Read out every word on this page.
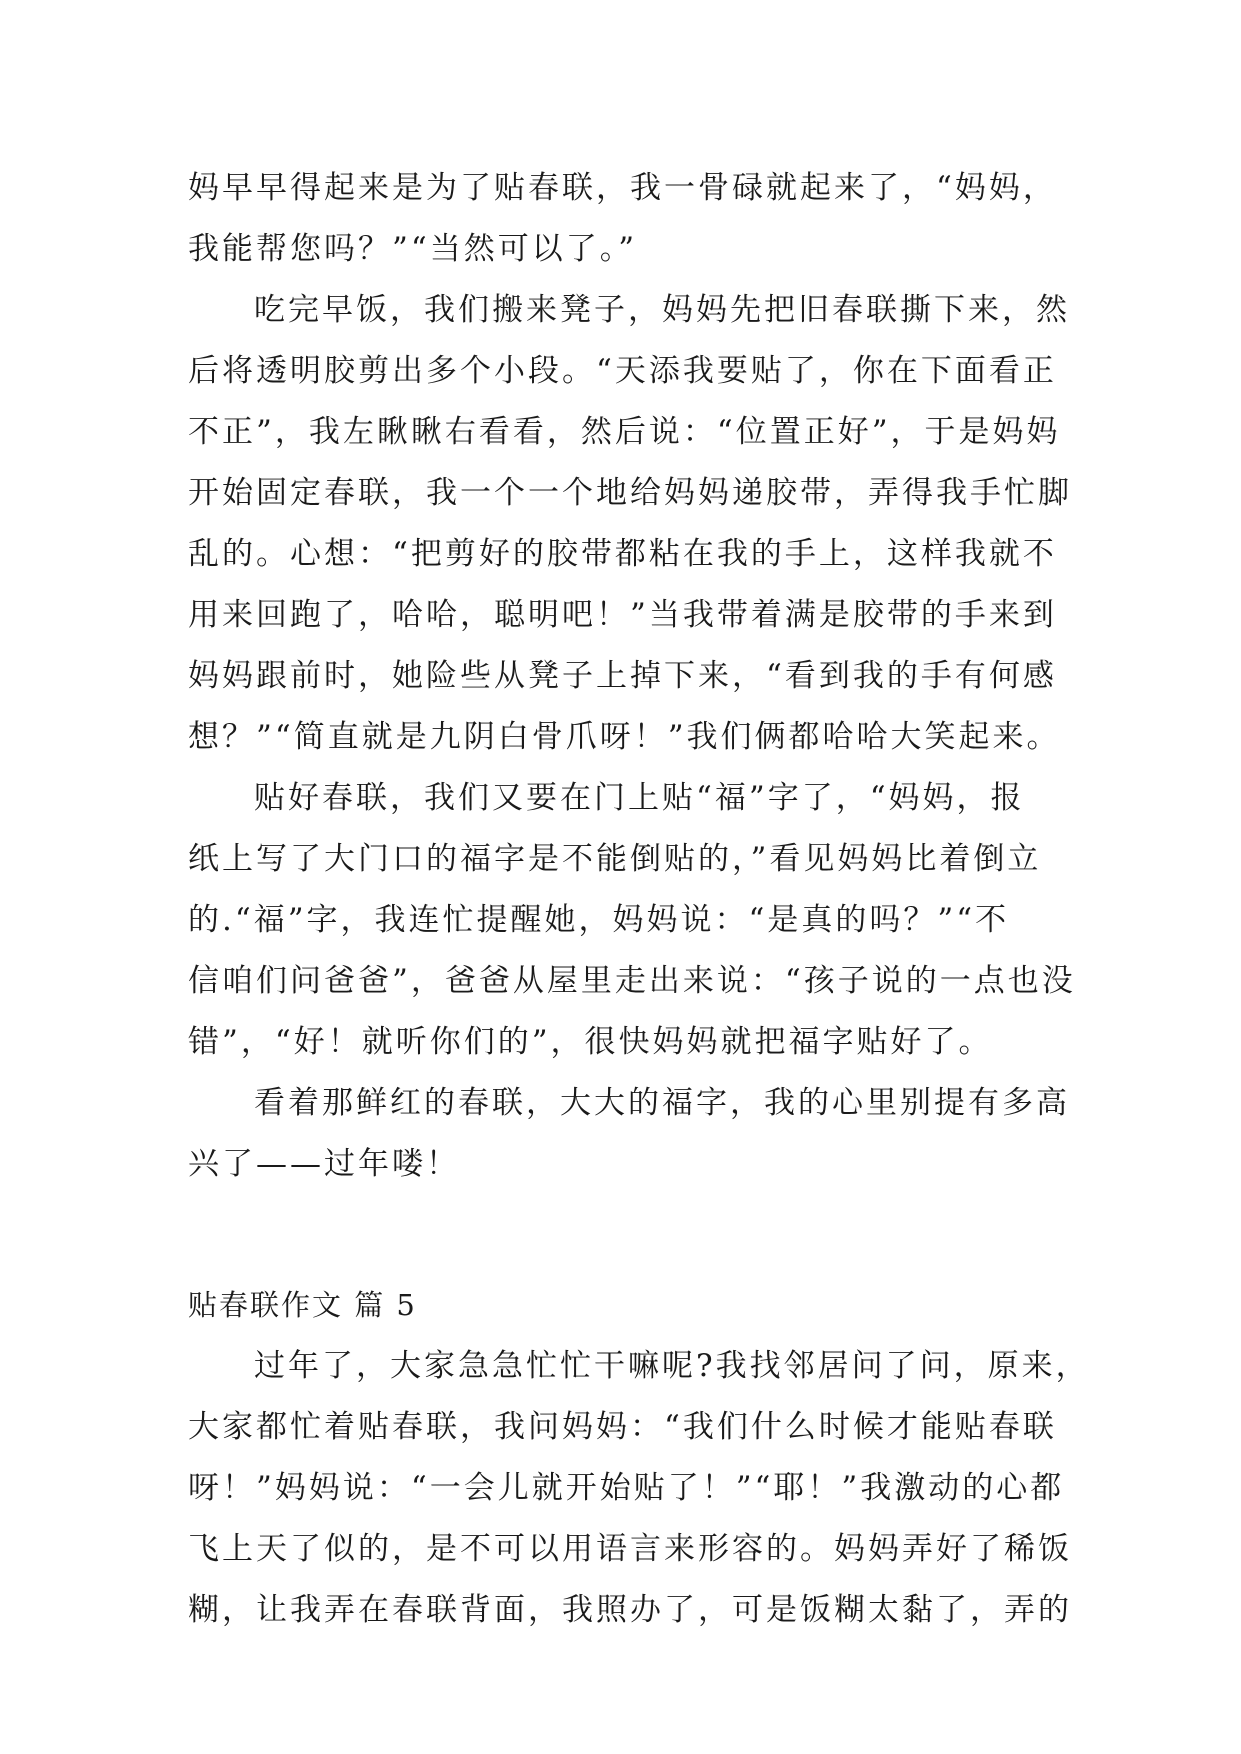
妈早早得起来是为了贴春联，我一骨碌就起来了，“妈妈，
我能帮您吗？”“当然可以了。”
吃完早饭，我们搬来凳子，妈妈先把旧春联撕下来，然
后将透明胶剪出多个小段。“天添我要贴了，你在下面看正
不正”，我左瞅瞅右看看，然后说：“位置正好”，于是妈妈
开始固定春联，我一个一个地给妈妈递胶带，弄得我手忙脚
乱的。心想：“把剪好的胶带都粘在我的手上，这样我就不
用来回跑了，哈哈，聪明吧！”当我带着满是胶带的手来到
妈妈跟前时，她险些从凳子上掉下来，“看到我的手有何感
想？”“简直就是九阴白骨爪呀！”我们俩都哈哈大笑起来。
贴好春联，我们又要在门上贴“福”字了，“妈妈，报
纸上写了大门口的福字是不能倒贴的，”看见妈妈比着倒立
的.“福”字，我连忙提醒她，妈妈说：“是真的吗？”“不
信咱们问爸爸”，爸爸从屋里走出来说：“孩子说的一点也没
错”，“好！就听你们的”，很快妈妈就把福字贴好了。
看着那鲜红的春联，大大的福字，我的心里别提有多高
兴了——过年喽！
贴春联作文 篇 5
过年了，大家急急忙忙干嘛呢?我找邻居问了问，原来，
大家都忙着贴春联，我问妈妈：“我们什么时候才能贴春联
呀！”妈妈说：“一会儿就开始贴了！”“耶！”我激动的心都
飞上天了似的，是不可以用语言来形容的。妈妈弄好了稀饭
糊，让我弄在春联背面，我照办了，可是饭糊太黏了，弄的
